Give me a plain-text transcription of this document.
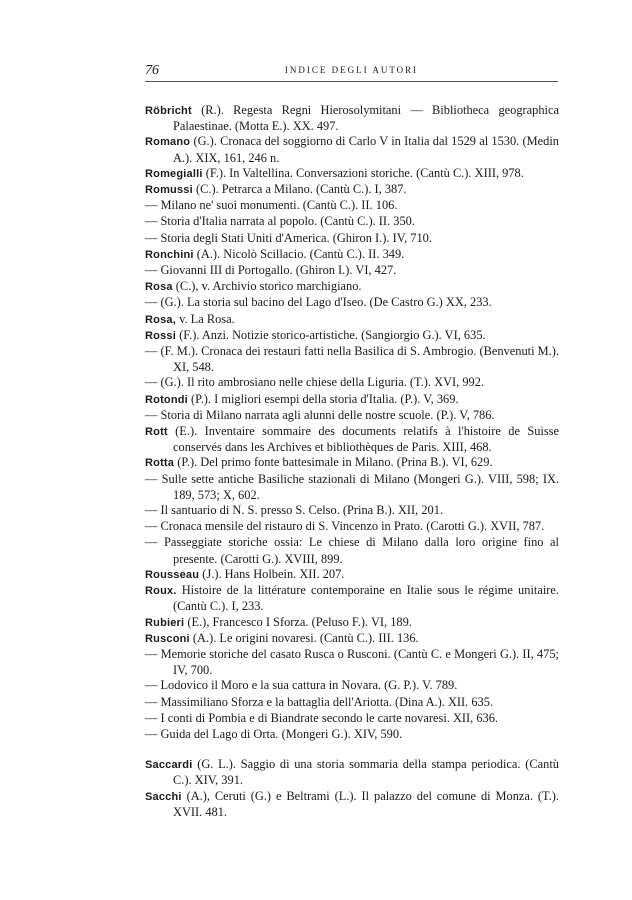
76	INDICE DEGLI AUTORI
Röbricht (R.). Regesta Regni Hierosolymitani — Bibliotheca geographica Palaestinae. (Motta E.). XX. 497.
Romano (G.). Cronaca del soggiorno di Carlo V in Italia dal 1529 al 1530. (Medin A.). XIX, 161, 246 n.
Romegialli (F.). In Valtellina. Conversazioni storiche. (Cantù C.). XIII, 978.
Romussi (C.). Petrarca a Milano. (Cantù C.). I, 387.
— Milano ne' suoi monumenti. (Cantù C.). II. 106.
— Storia d'Italia narrata al popolo. (Cantù C.). II. 350.
— Storia degli Stati Uniti d'America. (Ghiron I.). IV, 710.
Ronchini (A.). Nicolò Scillacio. (Cantù C.). II. 349.
— Giovanni III di Portogallo. (Ghiron I.). VI, 427.
Rosa (C.), v. Archivio storico marchigiano.
— (G.). La storia sul bacino del Lago d'Iseo. (De Castro G.) XX, 233.
Rosa, v. La Rosa.
Rossi (F.). Anzi. Notizie storico-artistiche. (Sangiorgio G.). VI, 635.
— (F. M.). Cronaca dei restauri fatti nella Basilica di S. Ambrogio. (Benvenuti M.). XI, 548.
— (G.). Il rito ambrosiano nelle chiese della Liguria. (T.). XVI, 992.
Rotondi (P.). I migliori esempi della storia d'Italia. (P.). V, 369.
— Storia di Milano narrata agli alunni delle nostre scuole. (P.). V, 786.
Rott (E.). Inventaire sommaire des documents relatifs à l'histoire de Suisse conservés dans les Archives et bibliothèques de Paris. XIII, 468.
Rotta (P.). Del primo fonte battesimale in Milano. (Prina B.). VI, 629.
— Sulle sette antiche Basiliche stazionali di Milano (Mongeri G.). VIII, 598; IX. 189, 573; X, 602.
— Il santuario di N. S. presso S. Celso. (Prina B.). XII, 201.
— Cronaca mensile del ristauro di S. Vincenzo in Prato. (Carotti G.). XVII, 787.
— Passeggiate storiche ossia: Le chiese di Milano dalla loro origine fino al presente. (Carotti G.). XVIII, 899.
Rousseau (J.). Hans Holbein. XII. 207.
Roux. Histoire de la littérature contemporaine en Italie sous le régime unitaire. (Cantù C.). I, 233.
Rubieri (E.), Francesco I Sforza. (Peluso F.). VI, 189.
Rusconi (A.). Le origini novaresi. (Cantù C.). III. 136.
— Memorie storiche del casato Rusca o Rusconi. (Cantù C. e Mongeri G.). II, 475; IV, 700.
— Lodovico il Moro e la sua cattura in Novara. (G. P.). V. 789.
— Massimiliano Sforza e la battaglia dell'Ariotta. (Dina A.). XII. 635.
— I conti di Pombia e di Biandrate secondo le carte novaresi. XII, 636.
— Guida del Lago di Orta. (Mongeri G.). XIV, 590.
Saccardi (G. L.). Saggio di una storia sommaria della stampa periodica. (Cantù C.). XIV, 391.
Sacchi (A.), Ceruti (G.) e Beltrami (L.). Il palazzo del comune di Monza. (T.). XVII. 481.
